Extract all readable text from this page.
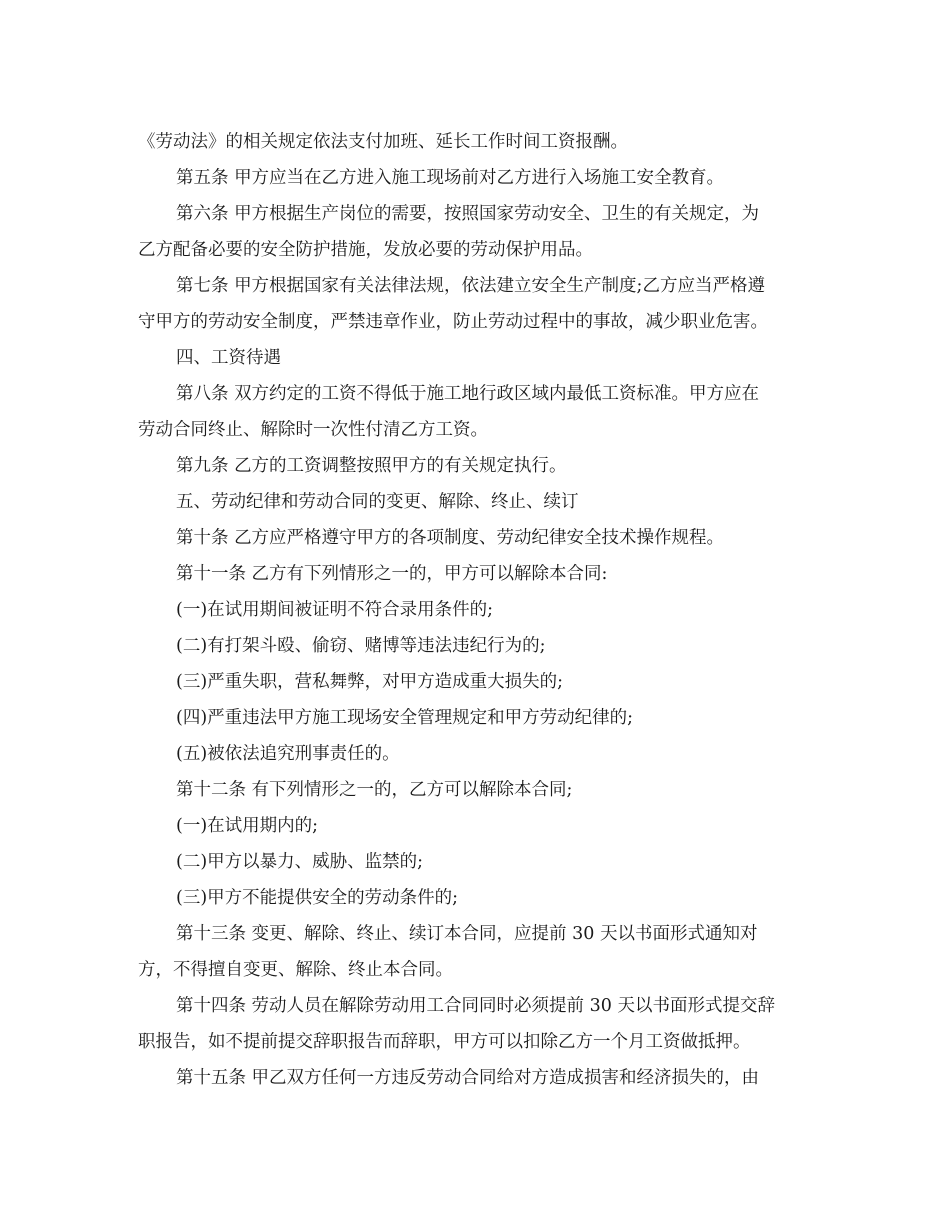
《劳动法》的相关规定依法支付加班、延长工作时间工资报酬。
第五条 甲方应当在乙方进入施工现场前对乙方进行入场施工安全教育。
第六条 甲方根据生产岗位的需要，按照国家劳动安全、卫生的有关规定，为
乙方配备必要的安全防护措施，发放必要的劳动保护用品。
第七条 甲方根据国家有关法律法规，依法建立安全生产制度;乙方应当严格遵
守甲方的劳动安全制度，严禁违章作业，防止劳动过程中的事故，减少职业危害。
四、工资待遇
第八条 双方约定的工资不得低于施工地行政区域内最低工资标准。甲方应在
劳动合同终止、解除时一次性付清乙方工资。
第九条 乙方的工资调整按照甲方的有关规定执行。
五、劳动纪律和劳动合同的变更、解除、终止、续订
第十条 乙方应严格遵守甲方的各项制度、劳动纪律安全技术操作规程。
第十一条 乙方有下列情形之一的，甲方可以解除本合同:
(一)在试用期间被证明不符合录用条件的;
(二)有打架斗殴、偷窃、赌博等违法违纪行为的;
(三)严重失职，营私舞弊，对甲方造成重大损失的;
(四)严重违法甲方施工现场安全管理规定和甲方劳动纪律的;
(五)被依法追究刑事责任的。
第十二条 有下列情形之一的，乙方可以解除本合同;
(一)在试用期内的;
(二)甲方以暴力、威胁、监禁的;
(三)甲方不能提供安全的劳动条件的;
第十三条 变更、解除、终止、续订本合同，应提前 30 天以书面形式通知对
方，不得擅自变更、解除、终止本合同。
第十四条 劳动人员在解除劳动用工合同同时必须提前 30 天以书面形式提交辞
职报告，如不提前提交辞职报告而辞职，甲方可以扣除乙方一个月工资做抵押。
第十五条 甲乙双方任何一方违反劳动合同给对方造成损害和经济损失的，由
